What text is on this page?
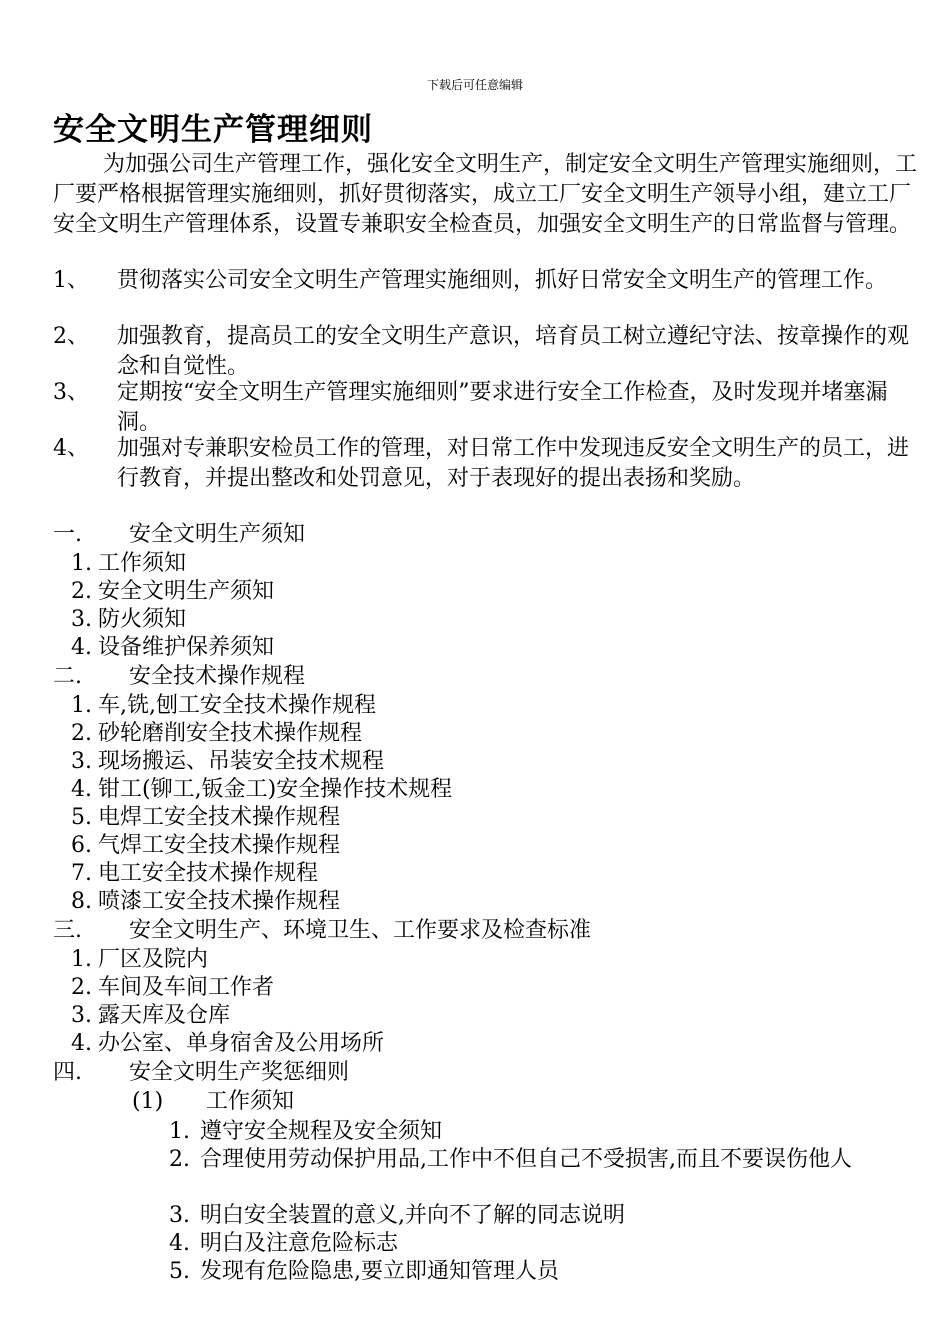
下载后可任意编辑
安全文明生产管理细则

为加强公司生产管理工作，强化安全文明生产，制定安全文明生产管理实施细则，工厂要严格根据管理实施细则，抓好贯彻落实，成立工厂安全文明生产领导小组，建立工厂安全文明生产管理体系，设置专兼职安全检查员，加强安全文明生产的日常监督与管理。

1、 贯彻落实公司安全文明生产管理实施细则，抓好日常安全文明生产的管理工作。
2、 加强教育，提高员工的安全文明生产意识，培育员工树立遵纪守法、按章操作的观念和自觉性。
3、 定期按“安全文明生产管理实施细则”要求进行安全工作检查，及时发现并堵塞漏洞。
4、 加强对专兼职安检员工作的管理，对日常工作中发现违反安全文明生产的员工，进行教育，并提出整改和处罚意见，对于表现好的提出表扬和奖励。
一. 安全文明生产须知
1. 工作须知
2. 安全文明生产须知
3. 防火须知
4. 设备维护保养须知
二. 安全技术操作规程
1. 车,铣,刨工安全技术操作规程
2. 砂轮磨削安全技术操作规程
3. 现场搬运、吊装安全技术规程
4. 钳工(铆工,钣金工)安全操作技术规程
5. 电焊工安全技术操作规程
6. 气焊工安全技术操作规程
7. 电工安全技术操作规程
8. 喷漆工安全技术操作规程
三. 安全文明生产、环境卫生、工作要求及检查标准
1. 厂区及院内
2. 车间及车间工作者
3. 露天库及仓库
4. 办公室、单身宿舍及公用场所
四. 安全文明生产奖惩细则
(1) 工作须知
1. 遵守安全规程及安全须知
2. 合理使用劳动保护用品,工作中不但自己不受损害,而且不要误伤他人
3. 明白安全装置的意义,并向不了解的同志说明
4. 明白及注意危险标志
5. 发现有危险隐患,要立即通知管理人员
